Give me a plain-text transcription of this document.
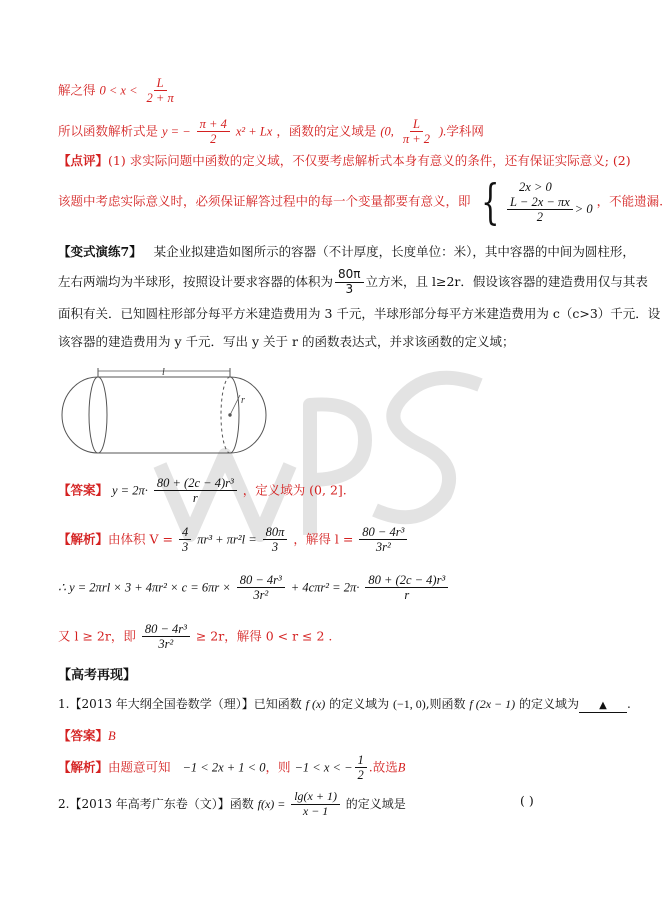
解之得 $0 < x < \frac{L}{2 + \pi}$
所以函数解析式是 y = − $\frac{\pi + 4}{2} x^2 + Lx$ ，函数的定义域是 (0, $\frac{L}{\pi + 2}$ ).学科网
【点评】(1) 求实际问题中函数的定义域，不仅要考虑解析式本身有意义的条件，还有保证实际意义; (2)
该题中考虑实际意义时，必须保证解答过程中的每一个变量都要有意义，即 {	2x > 0
$\frac{L - 2x - \pi x}{2} > 0$ ，不能遗漏.
【变式演练7】 某企业拟建造如图所示的容器（不计厚度，长度单位：米），其中容器的中间为圆柱形，
左右两端均为半球形，按照设计要求容器的体积为 $\frac{80\pi}{3}$ 立方米，且 l≥2r．假设该容器的建造费用仅与其表
面积有关．已知圆柱形部分每平方米建造费用为 3 千元，半球形部分每平方米建造费用为 c（c>3）千元．设
该容器的建造费用为 y 千元．写出 y 关于 r 的函数表达式，并求该函数的定义域；
l
r
【答案】 $y = 2\pi\cdot \frac{\text{80 + (2c − 4)r³}}{r}$ ，定义域为 (0, 2].
【解析】由体积 $V = \frac{4}{3} \pi r^3 + \pi r^2l = \frac{80\pi}{3}$ ，解得 $l = \frac{\text{80 − 4r³}}{\text{3r²}}$
∴ $y = 2\pi rl \times 3 + 4\pi r^2 \times c = 6\pi r \times \frac{\text{80 − 4r³}}{\text{3r²}} + 4c\pi r^2 = 2\pi\cdot \frac{\text{80 + (2c − 4)r³}}{r}$
又 l ≥ 2r，即 $\frac{\text{80 − 4r³}}{\text{3r²}} \ge 2r$，解得 0 < r ≤ 2 .
【高考再现】
1.【2013 年大纲全国卷数学（理）】已知函数 f (x) 的定义域为 (−1, 0),则函数 f (2x − 1) 的定义域为 ▲ .
【答案】B
【解析】由题意可知 −1 < 2x + 1 < 0，则 −1 < x < − $\frac{1}{2}$ .故选B
2.【2013 年高考广东卷（文）】函数 $f(x) = \frac{\lg(x + 1)}{x - 1}$ 的定义域是	( )
